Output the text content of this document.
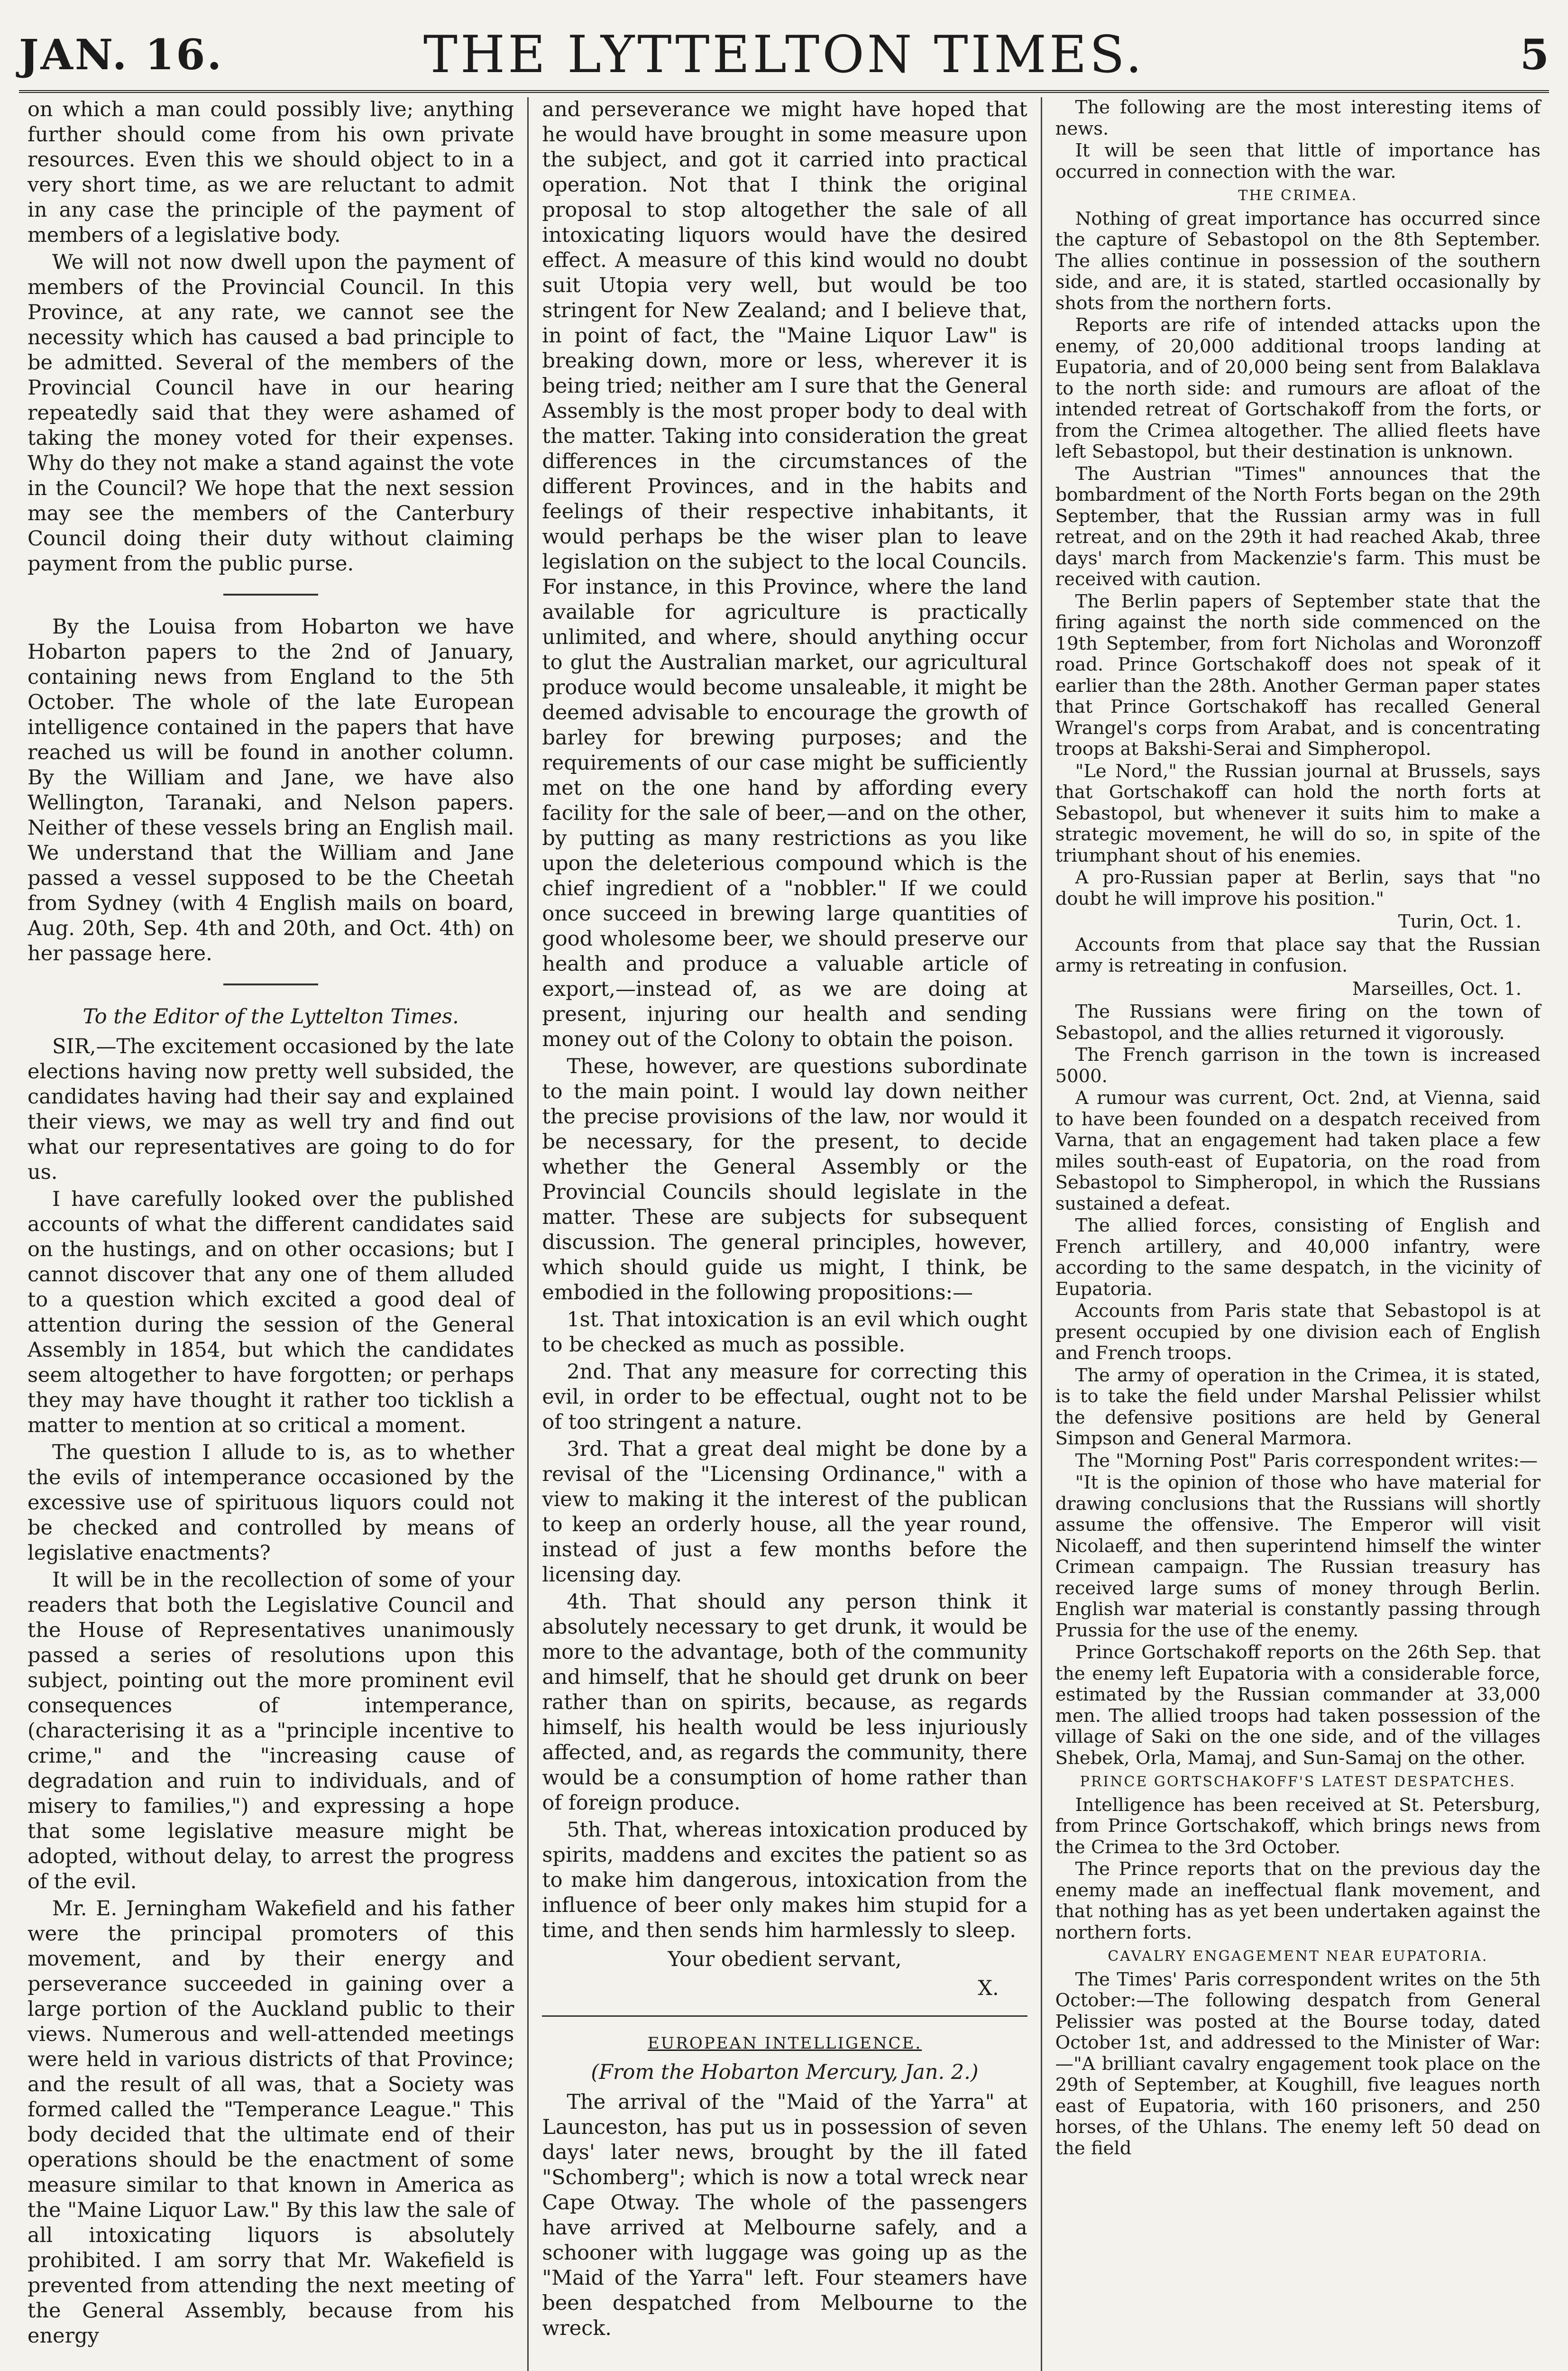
JAN. 16.	THE LYTTELTON TIMES.	5

on which a man could possibly live; anything further should come from his own private resources. Even this we should object to in a very short time, as we are reluctant to admit in any case the principle of the payment of members of a legislative body.

We will not now dwell upon the payment of members of the Provincial Council. In this Province, at any rate, we cannot see the necessity which has caused a bad principle to be admitted. Several of the members of the Provincial Council have in our hearing repeatedly said that they were ashamed of taking the money voted for their expenses. Why do they not make a stand against the vote in the Council? We hope that the next session may see the members of the Canterbury Council doing their duty without claiming payment from the public purse.

By the Louisa from Hobarton we have Hobarton papers to the 2nd of January, containing news from England to the 5th October. The whole of the late European intelligence contained in the papers that have reached us will be found in another column. By the William and Jane, we have also Wellington, Taranaki, and Nelson papers. Neither of these vessels bring an English mail. We understand that the William and Jane passed a vessel supposed to be the Cheetah from Sydney (with 4 English mails on board, Aug. 20th, Sep. 4th and 20th, and Oct. 4th) on her passage here.

To the Editor of the Lyttelton Times.

SIR,—The excitement occasioned by the late elections having now pretty well subsided, the candidates having had their say and explained their views, we may as well try and find out what our representatives are going to do for us.

I have carefully looked over the published accounts of what the different candidates said on the hustings, and on other occasions; but I cannot discover that any one of them alluded to a question which excited a good deal of attention during the session of the General Assembly in 1854, but which the candidates seem altogether to have forgotten; or perhaps they may have thought it rather too ticklish a matter to mention at so critical a moment.

The question I allude to is, as to whether the evils of intemperance occasioned by the excessive use of spirituous liquors could not be checked and controlled by means of legislative enactments?

It will be in the recollection of some of your readers that both the Legislative Council and the House of Representatives unanimously passed a series of resolutions upon this subject, pointing out the more prominent evil consequences of intemperance, (characterising it as a "principle incentive to crime," and the "increasing cause of degradation and ruin to individuals, and of misery to families,") and expressing a hope that some legislative measure might be adopted, without delay, to arrest the progress of the evil.

Mr. E. Jerningham Wakefield and his father were the principal promoters of this movement, and by their energy and perseverance succeeded in gaining over a large portion of the Auckland public to their views. Numerous and well-attended meetings were held in various districts of that Province; and the result of all was, that a Society was formed called the "Temperance League." This body decided that the ultimate end of their operations should be the enactment of some measure similar to that known in America as the "Maine Liquor Law." By this law the sale of all intoxicating liquors is absolutely prohibited. I am sorry that Mr. Wakefield is prevented from attending the next meeting of the General Assembly, because from his energy

and perseverance we might have hoped that he would have brought in some measure upon the subject, and got it carried into practical operation. Not that I think the original proposal to stop altogether the sale of all intoxicating liquors would have the desired effect. A measure of this kind would no doubt suit Utopia very well, but would be too stringent for New Zealand; and I believe that, in point of fact, the "Maine Liquor Law" is breaking down, more or less, wherever it is being tried; neither am I sure that the General Assembly is the most proper body to deal with the matter. Taking into consideration the great differences in the circumstances of the different Provinces, and in the habits and feelings of their respective inhabitants, it would perhaps be the wiser plan to leave legislation on the subject to the local Councils. For instance, in this Province, where the land available for agriculture is practically unlimited, and where, should anything occur to glut the Australian market, our agricultural produce would become unsaleable, it might be deemed advisable to encourage the growth of barley for brewing purposes; and the requirements of our case might be sufficiently met on the one hand by affording every facility for the sale of beer,—and on the other, by putting as many restrictions as you like upon the deleterious compound which is the chief ingredient of a "nobbler." If we could once succeed in brewing large quantities of good wholesome beer, we should preserve our health and produce a valuable article of export,—instead of, as we are doing at present, injuring our health and sending money out of the Colony to obtain the poison.

These, however, are questions subordinate to the main point. I would lay down neither the precise provisions of the law, nor would it be necessary, for the present, to decide whether the General Assembly or the Provincial Councils should legislate in the matter. These are subjects for subsequent discussion. The general principles, however, which should guide us might, I think, be embodied in the following propositions:—

1st. That intoxication is an evil which ought to be checked as much as possible.

2nd. That any measure for correcting this evil, in order to be effectual, ought not to be of too stringent a nature.

3rd. That a great deal might be done by a revisal of the "Licensing Ordinance," with a view to making it the interest of the publican to keep an orderly house, all the year round, instead of just a few months before the licensing day.

4th. That should any person think it absolutely necessary to get drunk, it would be more to the advantage, both of the community and himself, that he should get drunk on beer rather than on spirits, because, as regards himself, his health would be less injuriously affected, and, as regards the community, there would be a consumption of home rather than of foreign produce.

5th. That, whereas intoxication produced by spirits, maddens and excites the patient so as to make him dangerous, intoxication from the influence of beer only makes him stupid for a time, and then sends him harmlessly to sleep.

Your obedient servant,
X.
EUROPEAN INTELLIGENCE.
(From the Hobarton Mercury, Jan. 2.)

The arrival of the "Maid of the Yarra" at Launceston, has put us in possession of seven days' later news, brought by the ill fated "Schomberg"; which is now a total wreck near Cape Otway. The whole of the passengers have arrived at Melbourne safely, and a schooner with luggage was going up as the "Maid of the Yarra" left. Four steamers have been despatched from Melbourne to the wreck.

The following are the most interesting items of news.

It will be seen that little of importance has occurred in connection with the war.

THE CRIMEA.

Nothing of great importance has occurred since the capture of Sebastopol on the 8th September. The allies continue in possession of the southern side, and are, it is stated, startled occasionally by shots from the northern forts.

Reports are rife of intended attacks upon the enemy, of 20,000 additional troops landing at Eupatoria, and of 20,000 being sent from Balaklava to the north side: and rumours are afloat of the intended retreat of Gortschakoff from the forts, or from the Crimea altogether. The allied fleets have left Sebastopol, but their destination is unknown.

The Austrian "Times" announces that the bombardment of the North Forts began on the 29th September, that the Russian army was in full retreat, and on the 29th it had reached Akab, three days' march from Mackenzie's farm. This must be received with caution.

The Berlin papers of September state that the firing against the north side commenced on the 19th September, from fort Nicholas and Woronzoff road. Prince Gortschakoff does not speak of it earlier than the 28th. Another German paper states that Prince Gortschakoff has recalled General Wrangel's corps from Arabat, and is concentrating troops at Bakshi-Serai and Simpheropol.

"Le Nord," the Russian journal at Brussels, says that Gortschakoff can hold the north forts at Sebastopol, but whenever it suits him to make a strategic movement, he will do so, in spite of the triumphant shout of his enemies.

A pro-Russian paper at Berlin, says that "no doubt he will improve his position."

Turin, Oct. 1.

Accounts from that place say that the Russian army is retreating in confusion.

Marseilles, Oct. 1.

The Russians were firing on the town of Sebastopol, and the allies returned it vigorously.

The French garrison in the town is increased 5000.

A rumour was current, Oct. 2nd, at Vienna, said to have been founded on a despatch received from Varna, that an engagement had taken place a few miles south-east of Eupatoria, on the road from Sebastopol to Simpheropol, in which the Russians sustained a defeat.

The allied forces, consisting of English and French artillery, and 40,000 infantry, were according to the same despatch, in the vicinity of Eupatoria.

Accounts from Paris state that Sebastopol is at present occupied by one division each of English and French troops.

The army of operation in the Crimea, it is stated, is to take the field under Marshal Pelissier whilst the defensive positions are held by General Simpson and General Marmora.

The "Morning Post" Paris correspondent writes:—

"It is the opinion of those who have material for drawing conclusions that the Russians will shortly assume the offensive. The Emperor will visit Nicolaeff, and then superintend himself the winter Crimean campaign. The Russian treasury has received large sums of money through Berlin. English war material is constantly passing through Prussia for the use of the enemy.

Prince Gortschakoff reports on the 26th Sep. that the enemy left Eupatoria with a considerable force, estimated by the Russian commander at 33,000 men. The allied troops had taken possession of the village of Saki on the one side, and of the villages Shebek, Orla, Mamaj, and Sun-Samaj on the other.

PRINCE GORTSCHAKOFF'S LATEST DESPATCHES.

Intelligence has been received at St. Petersburg, from Prince Gortschakoff, which brings news from the Crimea to the 3rd October.

The Prince reports that on the previous day the enemy made an ineffectual flank movement, and that nothing has as yet been undertaken against the northern forts.

CAVALRY ENGAGEMENT NEAR EUPATORIA.

The Times' Paris correspondent writes on the 5th October:—The following despatch from General Pelissier was posted at the Bourse today, dated October 1st, and addressed to the Minister of War:—"A brilliant cavalry engagement took place on the 29th of September, at Koughill, five leagues north east of Eupatoria, with 160 prisoners, and 250 horses, of the Uhlans. The enemy left 50 dead on the field
